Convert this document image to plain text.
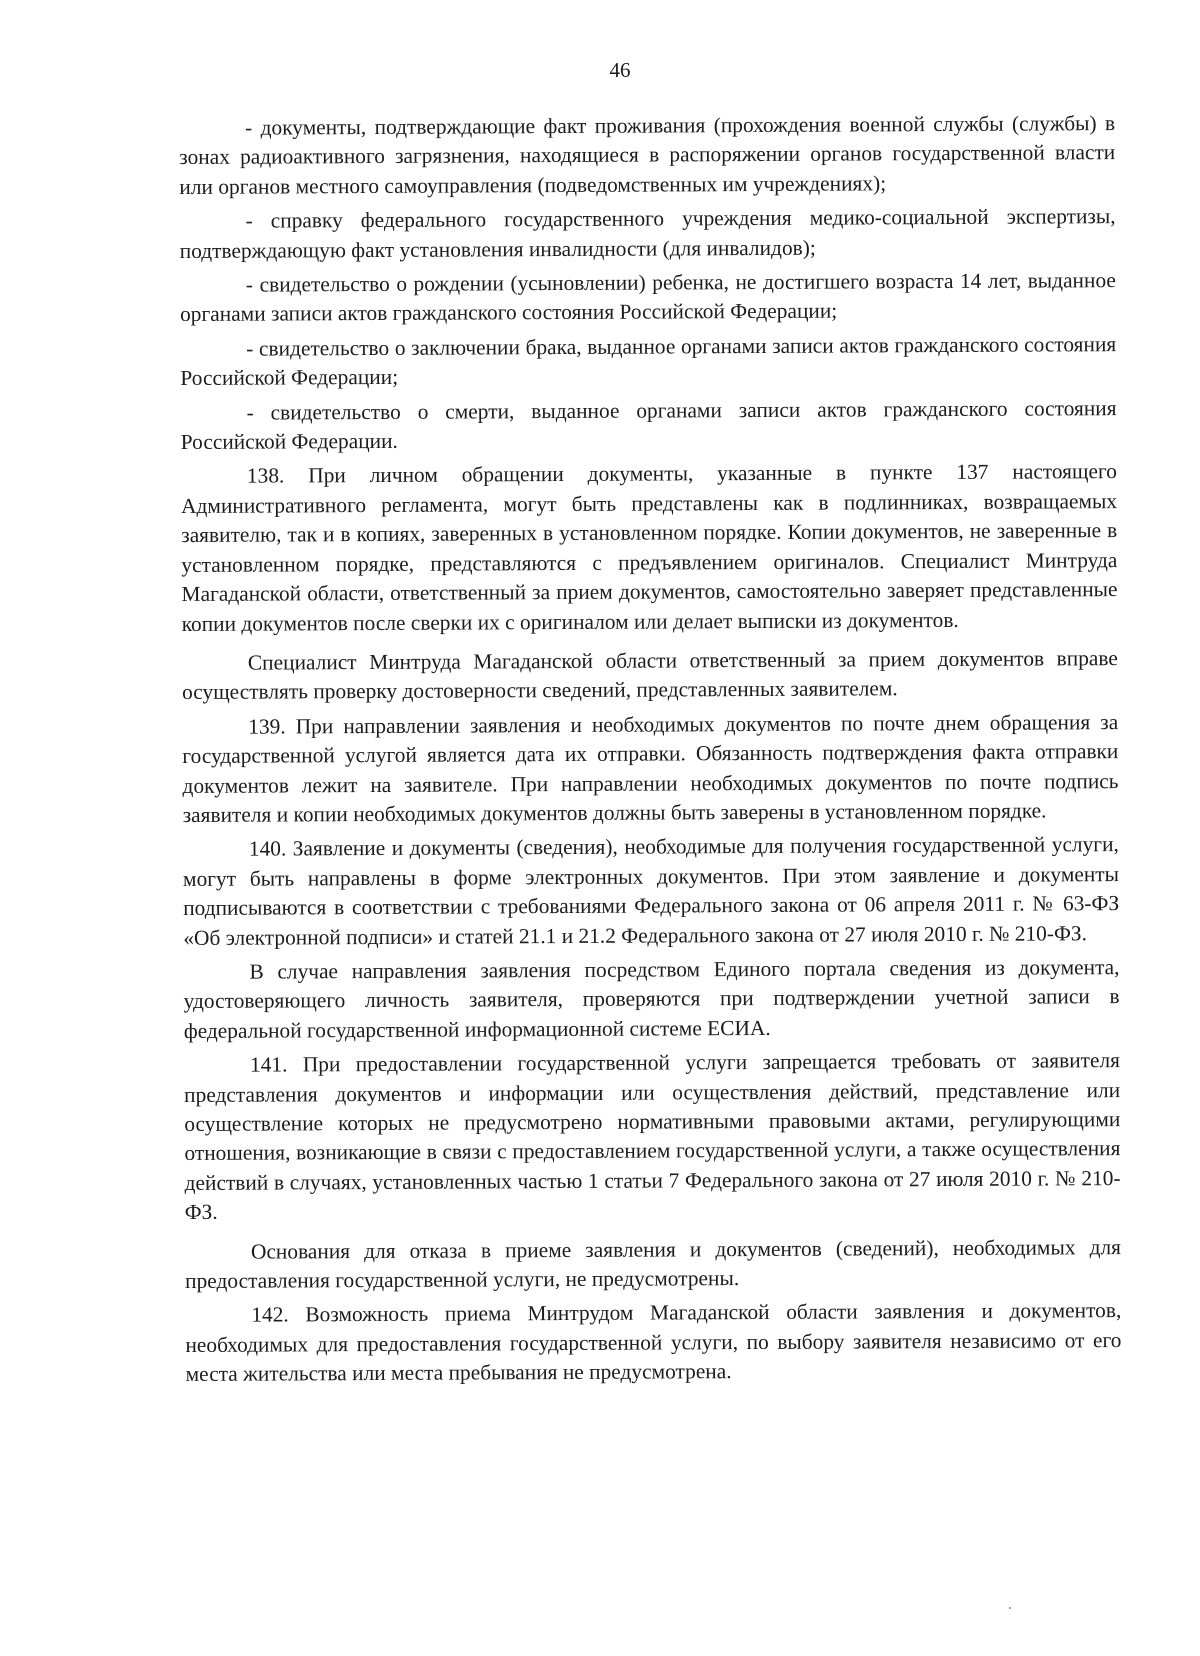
46

- документы, подтверждающие факт проживания (прохождения военной службы (службы) в зонах радиоактивного загрязнения, находящиеся в распоряжении органов государственной власти или органов местного самоуправления (подведомственных им учреждениях);

- справку федерального государственного учреждения медико-социальной экспертизы, подтверждающую факт установления инвалидности (для инвалидов);

- свидетельство о рождении (усыновлении) ребенка, не достигшего возраста 14 лет, выданное органами записи актов гражданского состояния Российской Федерации;

- свидетельство о заключении брака, выданное органами записи актов гражданского состояния Российской Федерации;

- свидетельство о смерти, выданное органами записи актов гражданского состояния Российской Федерации.

138. При личном обращении документы, указанные в пункте 137 настоящего Административного регламента, могут быть представлены как в подлинниках, возвращаемых заявителю, так и в копиях, заверенных в установленном порядке. Копии документов, не заверенные в установленном порядке, представляются с предъявлением оригиналов. Специалист Минтруда Магаданской области, ответственный за прием документов, самостоятельно заверяет представленные копии документов после сверки их с оригиналом или делает выписки из документов.

Специалист Минтруда Магаданской области ответственный за прием документов вправе осуществлять проверку достоверности сведений, представленных заявителем.

139. При направлении заявления и необходимых документов по почте днем обращения за государственной услугой является дата их отправки. Обязанность подтверждения факта отправки документов лежит на заявителе. При направлении необходимых документов по почте подпись заявителя и копии необходимых документов должны быть заверены в установленном порядке.

140. Заявление и документы (сведения), необходимые для получения государственной услуги, могут быть направлены в форме электронных документов. При этом заявление и документы подписываются в соответствии с требованиями Федерального закона от 06 апреля 2011 г. № 63-ФЗ «Об электронной подписи» и статей 21.1 и 21.2 Федерального закона от 27 июля 2010 г. № 210-ФЗ.

В случае направления заявления посредством Единого портала сведения из документа, удостоверяющего личность заявителя, проверяются при подтверждении учетной записи в федеральной государственной информационной системе ЕСИА.

141. При предоставлении государственной услуги запрещается требовать от заявителя представления документов и информации или осуществления действий, представление или осуществление которых не предусмотрено нормативными правовыми актами, регулирующими отношения, возникающие в связи с предоставлением государственной услуги, а также осуществления действий в случаях, установленных частью 1 статьи 7 Федерального закона от 27 июля 2010 г. № 210-ФЗ.

Основания для отказа в приеме заявления и документов (сведений), необходимых для предоставления государственной услуги, не предусмотрены.

142. Возможность приема Минтрудом Магаданской области заявления и документов, необходимых для предоставления государственной услуги, по выбору заявителя независимо от его места жительства или места пребывания не предусмотрена.
